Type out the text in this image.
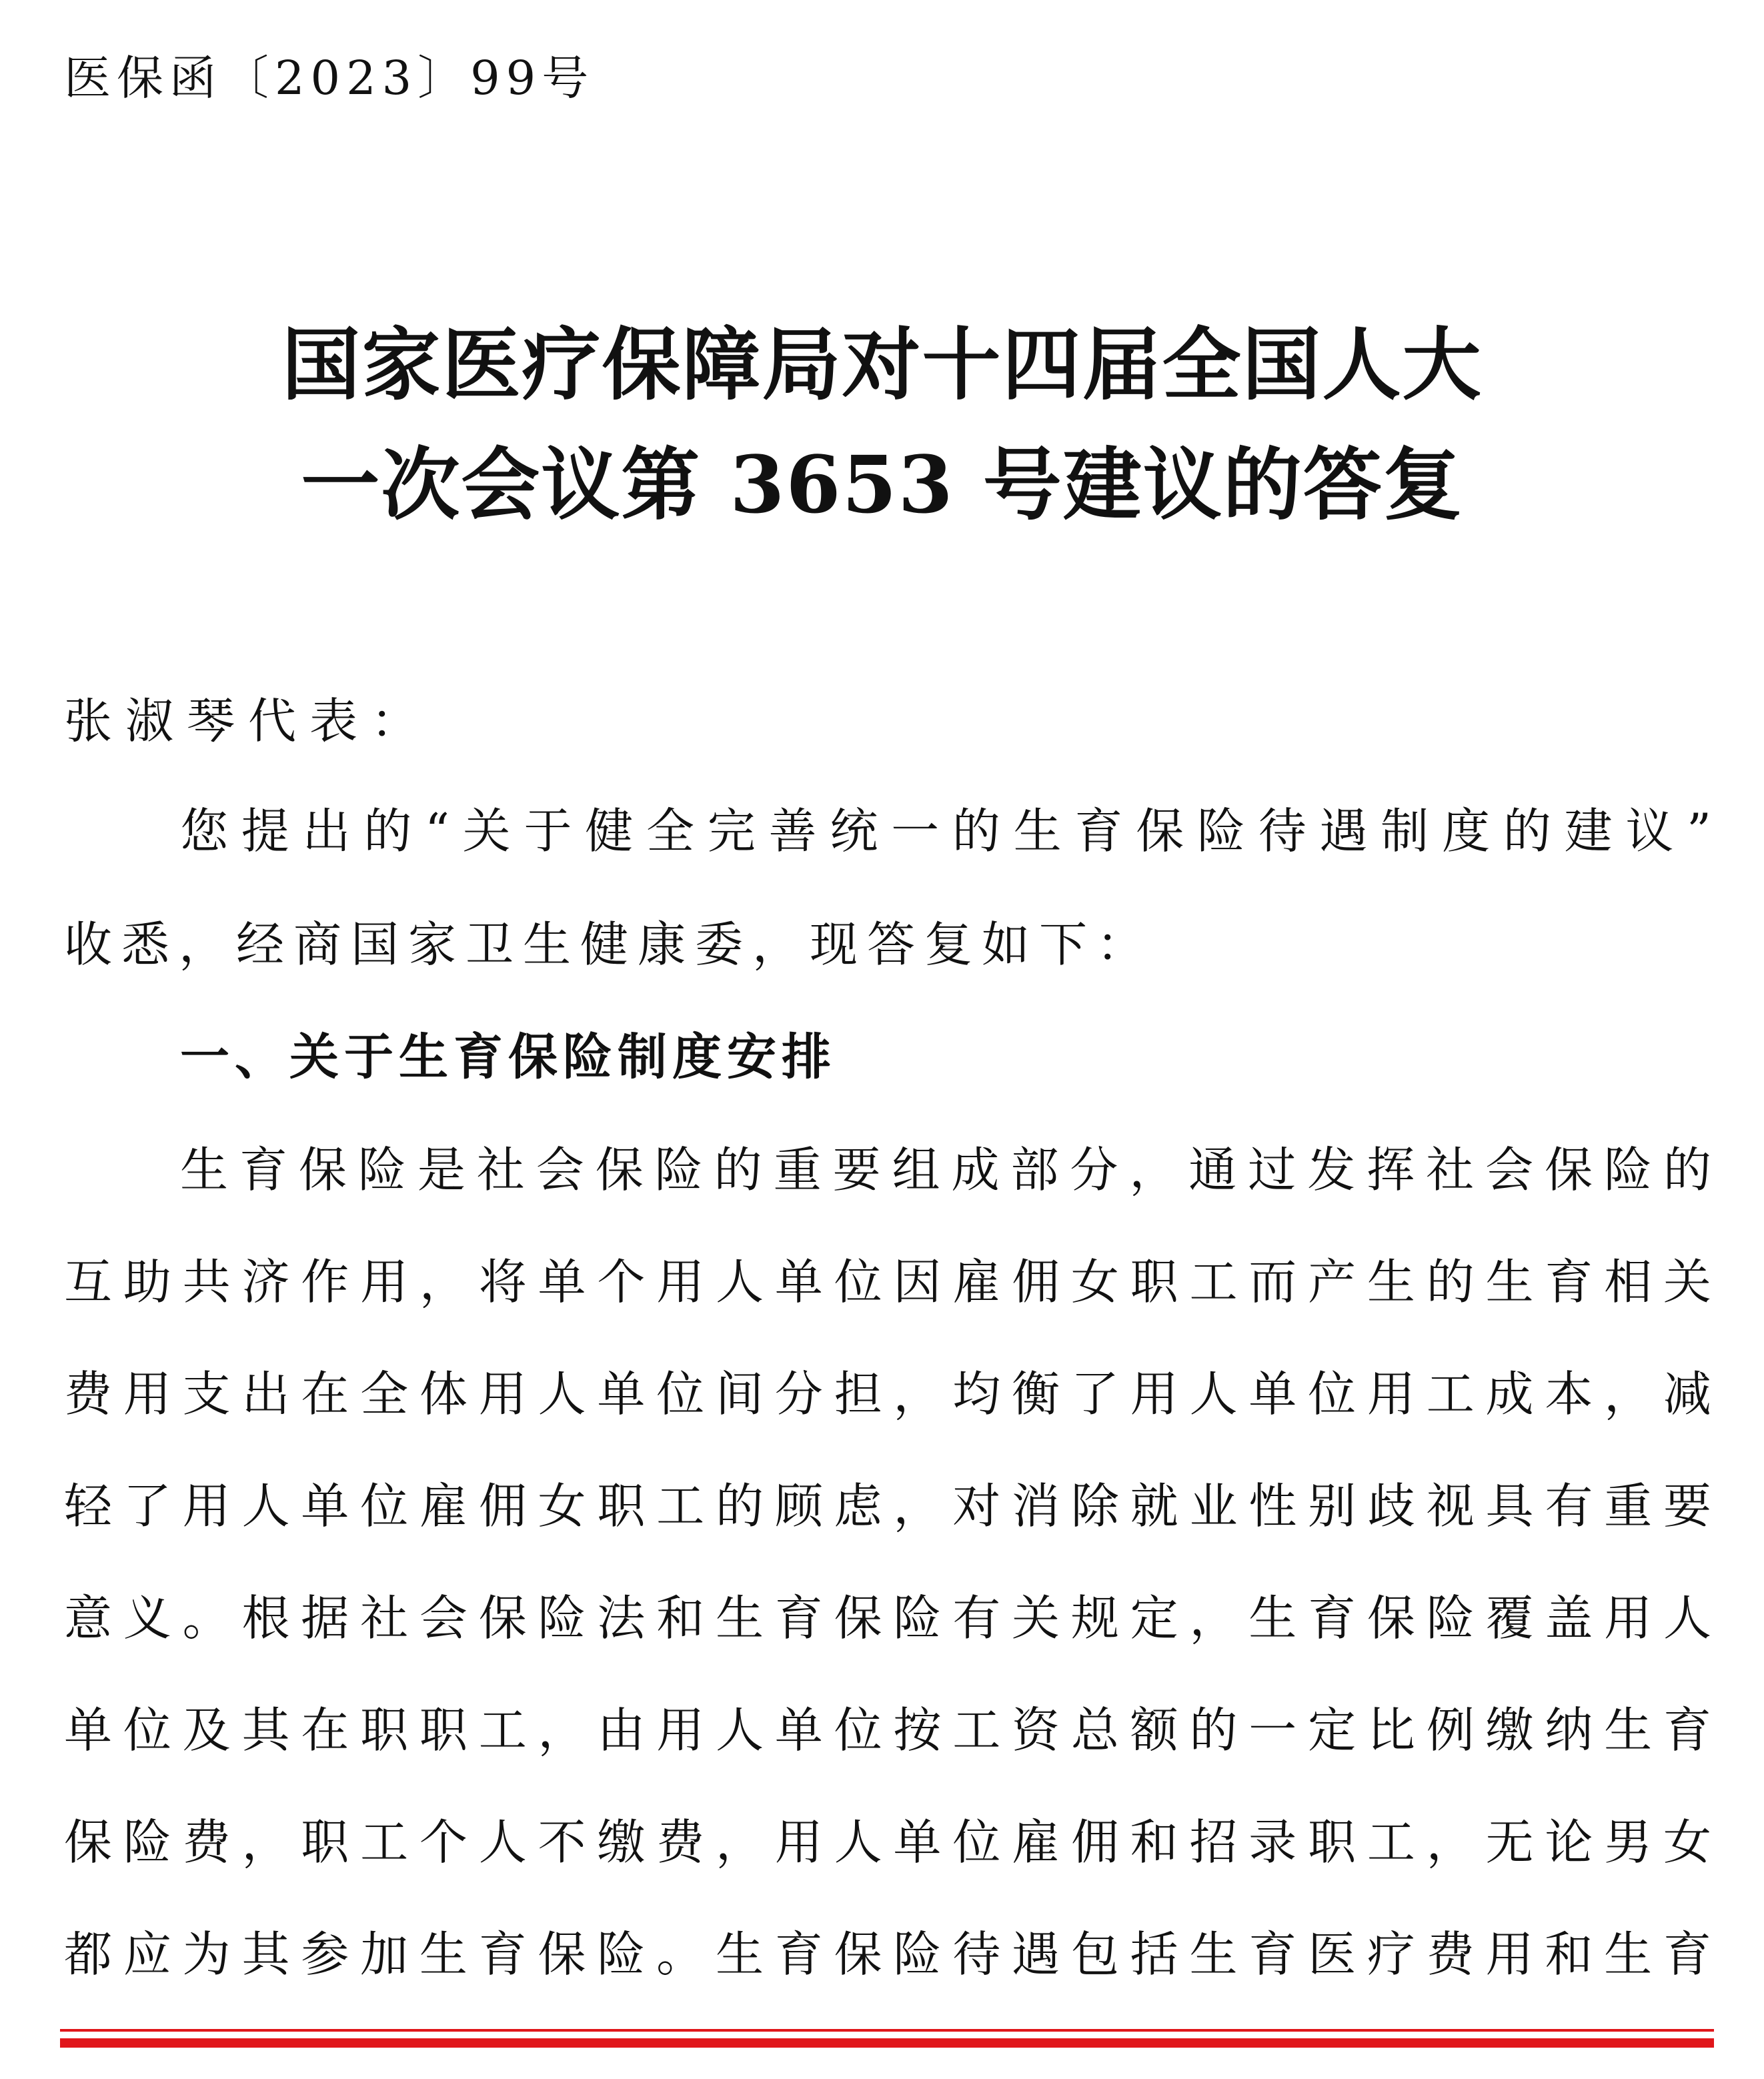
医保函〔2023〕99号
国家医疗保障局对十四届全国人大
一次会议第 3653 号建议的答复
张淑琴代表：
您提出的“关于健全完善统一的生育保险待遇制度的建议”
收悉，经商国家卫生健康委，现答复如下：
一、关于生育保险制度安排
生育保险是社会保险的重要组成部分，通过发挥社会保险的
互助共济作用，将单个用人单位因雇佣女职工而产生的生育相关
费用支出在全体用人单位间分担，均衡了用人单位用工成本，减
轻了用人单位雇佣女职工的顾虑，对消除就业性别歧视具有重要
意义。根据社会保险法和生育保险有关规定，生育保险覆盖用人
单位及其在职职工，由用人单位按工资总额的一定比例缴纳生育
保险费，职工个人不缴费，用人单位雇佣和招录职工，无论男女
都应为其参加生育保险。生育保险待遇包括生育医疗费用和生育
